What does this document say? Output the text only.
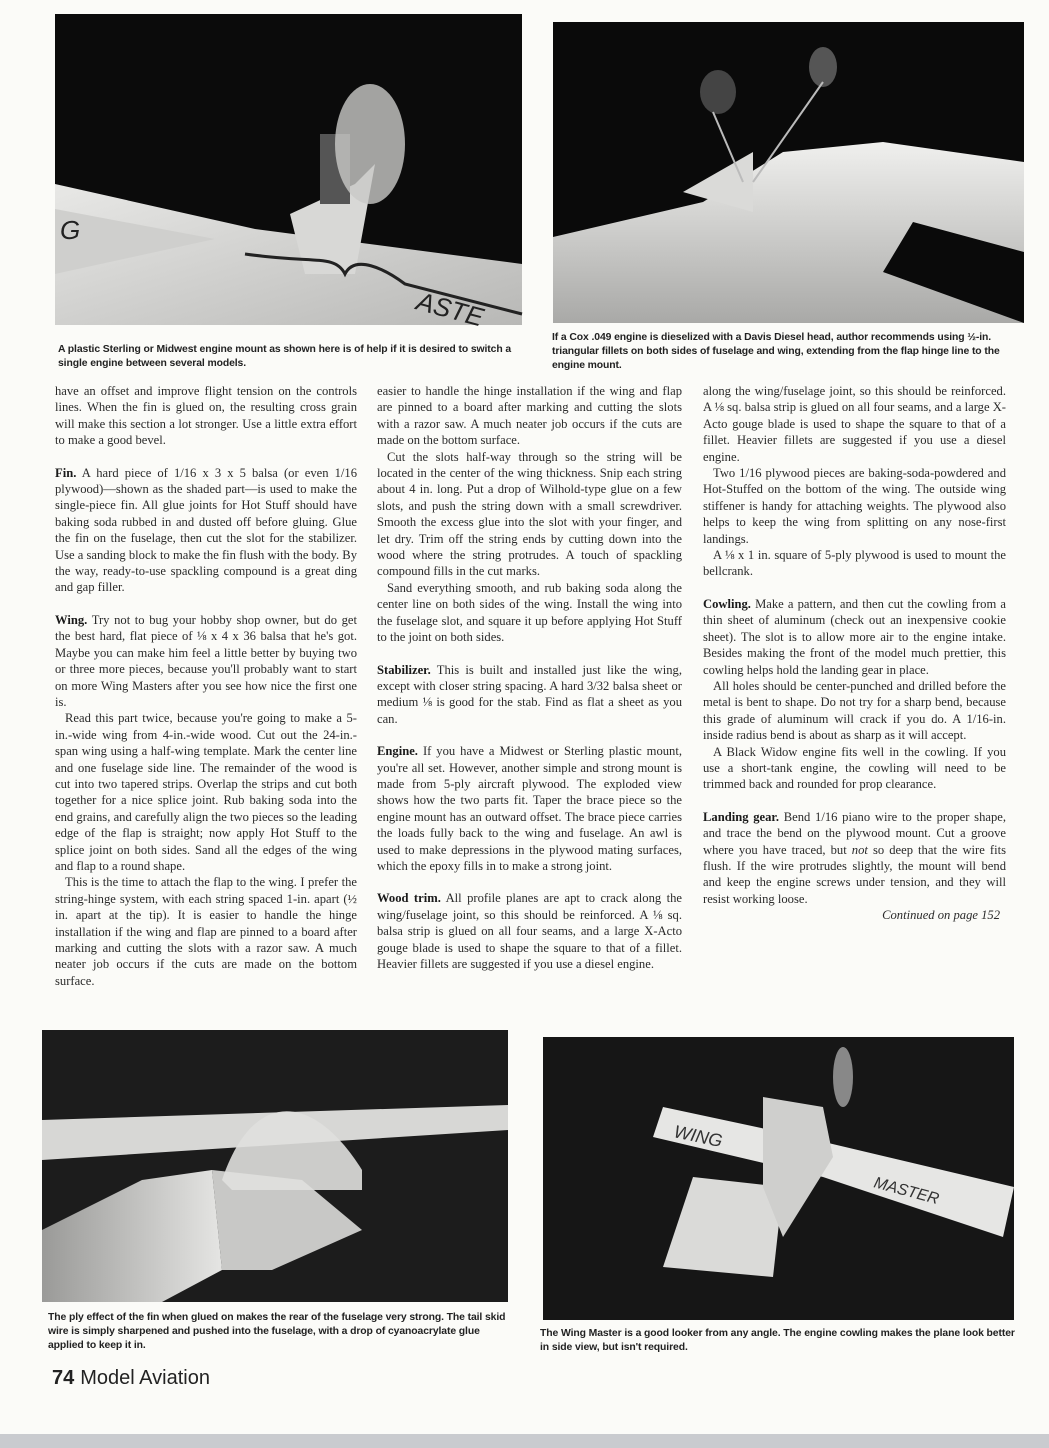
G
ASTE
A plastic Sterling or Midwest engine mount as shown here is of help if it is desired to switch a single engine between several models.
If a Cox .049 engine is dieselized with a Davis Diesel head, author recommends using ½-in. triangular fillets on both sides of fuselage and wing, extending from the flap hinge line to the engine mount.

have an offset and improve flight tension on the controls lines. When the fin is glued on, the resulting cross grain will make this section a lot stronger. Use a little extra effort to make a good bevel.

Fin. A hard piece of 1/16 x 3 x 5 balsa (or even 1/16 plywood)—shown as the shaded part—is used to make the single-piece fin. All glue joints for Hot Stuff should have baking soda rubbed in and dusted off before gluing. Glue the fin on the fuselage, then cut the slot for the stabilizer. Use a sanding block to make the fin flush with the body. By the way, ready-to-use spackling compound is a great ding and gap filler.

Wing. Try not to bug your hobby shop owner, but do get the best hard, flat piece of ⅛ x 4 x 36 balsa that he's got. Maybe you can make him feel a little better by buying two or three more pieces, because you'll probably want to start on more Wing Masters after you see how nice the first one is.

Read this part twice, because you're going to make a 5-in.-wide wing from 4-in.-wide wood. Cut out the 24-in.-span wing using a half-wing template. Mark the center line and one fuselage side line. The remainder of the wood is cut into two tapered strips. Overlap the strips and cut both together for a nice splice joint. Rub baking soda into the end grains, and carefully align the two pieces so the leading edge of the flap is straight; now apply Hot Stuff to the splice joint on both sides. Sand all the edges of the wing and flap to a round shape.

This is the time to attach the flap to the wing. I prefer the string-hinge system, with each string spaced 1-in. apart (½ in. apart at the tip). It is easier to handle the hinge installation if the wing and flap are pinned to a board after marking and cutting the slots with a razor saw. A much neater job occurs if the cuts are made on the bottom surface.

easier to handle the hinge installation if the wing and flap are pinned to a board after marking and cutting the slots with a razor saw. A much neater job occurs if the cuts are made on the bottom surface.

Cut the slots half-way through so the string will be located in the center of the wing thickness. Snip each string about 4 in. long. Put a drop of Wilhold-type glue on a few slots, and push the string down with a small screwdriver. Smooth the excess glue into the slot with your finger, and let dry. Trim off the string ends by cutting down into the wood where the string protrudes. A touch of spackling compound fills in the cut marks.

Sand everything smooth, and rub baking soda along the center line on both sides of the wing. Install the wing into the fuselage slot, and square it up before applying Hot Stuff to the joint on both sides.

Stabilizer. This is built and installed just like the wing, except with closer string spacing. A hard 3/32 balsa sheet or medium ⅛ is good for the stab. Find as flat a sheet as you can.

Engine. If you have a Midwest or Sterling plastic mount, you're all set. However, another simple and strong mount is made from 5-ply aircraft plywood. The exploded view shows how the two parts fit. Taper the brace piece so the engine mount has an outward offset. The brace piece carries the loads fully back to the wing and fuselage. An awl is used to make depressions in the plywood mating surfaces, which the epoxy fills in to make a strong joint.

Wood trim. All profile planes are apt to crack along the wing/fuselage joint, so this should be reinforced. A ⅛ sq. balsa strip is glued on all four seams, and a large X-Acto gouge blade is used to shape the square to that of a fillet. Heavier fillets are suggested if you use a diesel engine.

along the wing/fuselage joint, so this should be reinforced. A ⅛ sq. balsa strip is glued on all four seams, and a large X-Acto gouge blade is used to shape the square to that of a fillet. Heavier fillets are suggested if you use a diesel engine.

Two 1/16 plywood pieces are baking-soda-powdered and Hot-Stuffed on the bottom of the wing. The outside wing stiffener is handy for attaching weights. The plywood also helps to keep the wing from splitting on any nose-first landings.

A ⅛ x 1 in. square of 5-ply plywood is used to mount the bellcrank.

Cowling. Make a pattern, and then cut the cowling from a thin sheet of aluminum (check out an inexpensive cookie sheet). The slot is to allow more air to the engine intake. Besides making the front of the model much prettier, this cowling helps hold the landing gear in place.

All holes should be center-punched and drilled before the metal is bent to shape. Do not try for a sharp bend, because this grade of aluminum will crack if you do. A 1/16-in. inside radius bend is about as sharp as it will accept.

A Black Widow engine fits well in the cowling. If you use a short-tank engine, the cowling will need to be trimmed back and rounded for prop clearance.

Landing gear. Bend 1/16 piano wire to the proper shape, and trace the bend on the plywood mount. Cut a groove where you have traced, but not so deep that the wire fits flush. If the wire protrudes slightly, the mount will bend and keep the engine screws under tension, and they will resist working loose.

Continued on page 152

The ply effect of the fin when glued on makes the rear of the fuselage very strong. The tail skid wire is simply sharpened and pushed into the fuselage, with a drop of cyanoacrylate glue applied to keep it in.
WING
MASTER
The Wing Master is a good looker from any angle. The engine cowling makes the plane look better in side view, but isn't required.
74 Model Aviation
